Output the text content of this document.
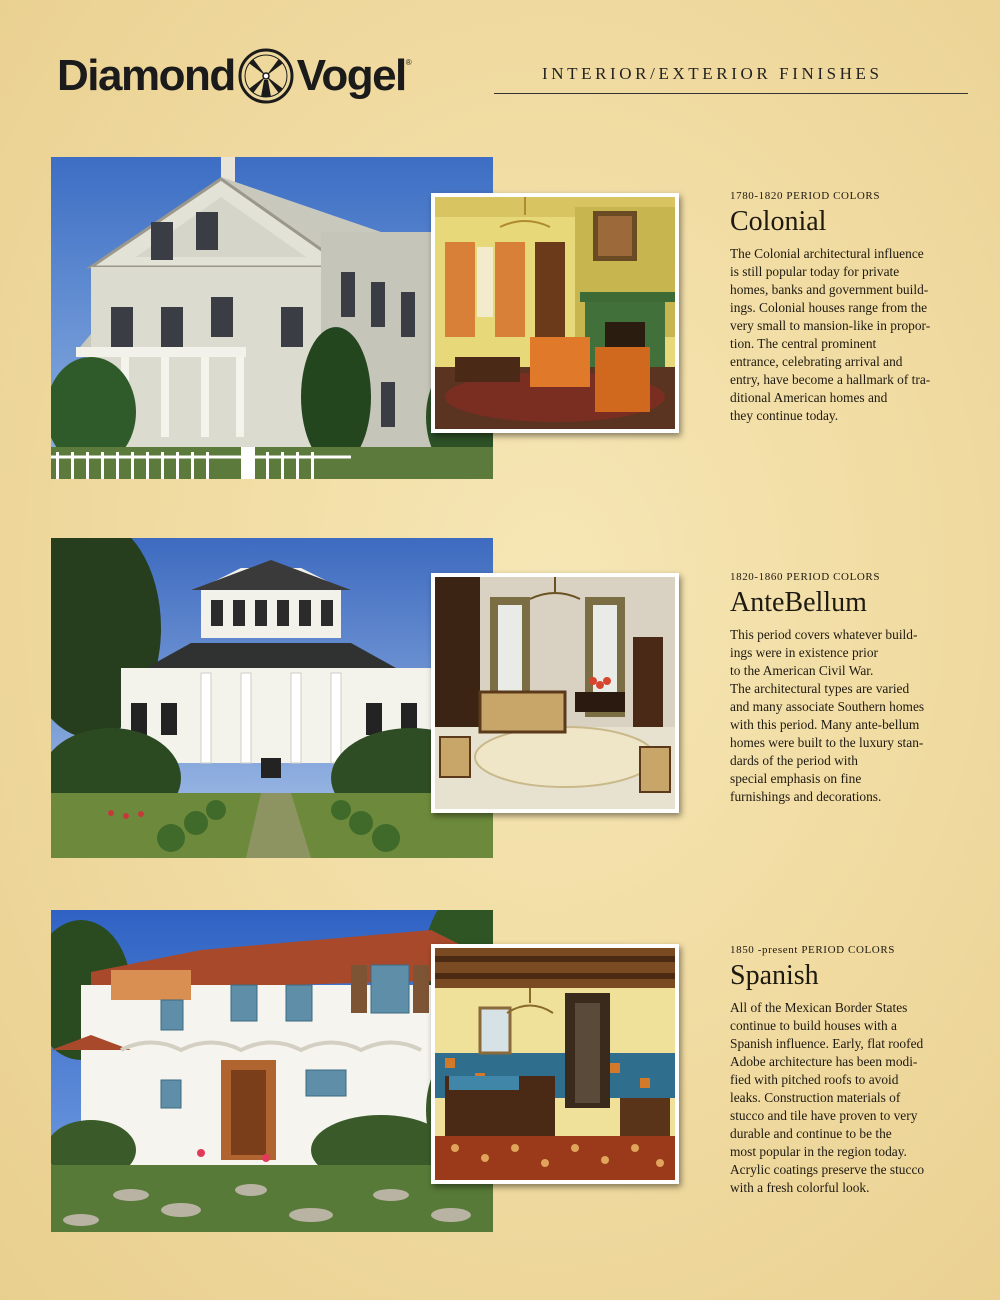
Diamond Vogel ®
INTERIOR/EXTERIOR FINISHES
1780-1820 PERIOD COLORS
Colonial
The Colonial architectural influence
is still popular today for private
homes, banks and government build-
ings. Colonial houses range from the
very small to mansion-like in propor-
tion. The central prominent
entrance, celebrating arrival and
entry, have become a hallmark of tra-
ditional American homes and
they continue today.
1820-1860 PERIOD COLORS
AnteBellum
This period covers whatever build-
ings were in existence prior
to the American Civil War.
The architectural types are varied
and many associate Southern homes
with this period. Many ante-bellum
homes were built to the luxury stan-
dards of the period with
special emphasis on fine
furnishings and decorations.
1850 -present PERIOD COLORS
Spanish
All of the Mexican Border States
continue to build houses with a
Spanish influence. Early, flat roofed
Adobe architecture has been modi-
fied with pitched roofs to avoid
leaks. Construction materials of
stucco and tile have proven to very
durable and continue to be the
most popular in the region today.
Acrylic coatings preserve the stucco
with a fresh colorful look.
